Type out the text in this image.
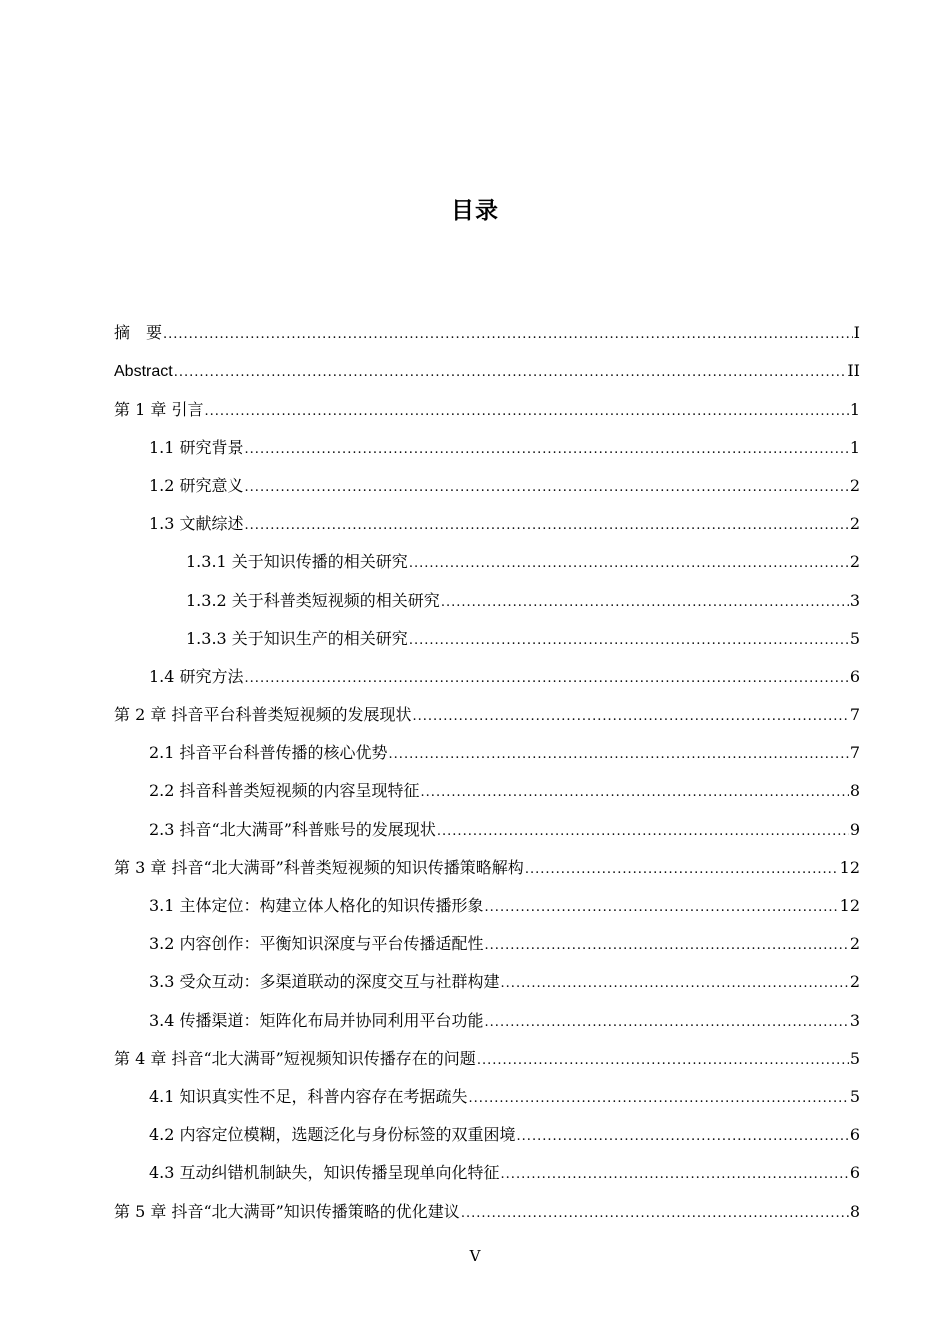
目录
摘　要 .....	I
Abstract .....	II
第 1 章 引言 .....	1
1.1 研究背景 .....	1
1.2 研究意义 .....	2
1.3 文献综述 .....	2
1.3.1 关于知识传播的相关研究 .....	2
1.3.2 关于科普类短视频的相关研究 .....	3
1.3.3 关于知识生产的相关研究 .....	5
1.4 研究方法 .....	6
第 2 章 抖音平台科普类短视频的发展现状 .....	7
2.1 抖音平台科普传播的核心优势 .....	7
2.2 抖音科普类短视频的内容呈现特征 .....	8
2.3 抖音“北大满哥”科普账号的发展现状 .....	9
第 3 章 抖音“北大满哥”科普类短视频的知识传播策略解构 .....	12
3.1 主体定位：构建立体人格化的知识传播形象 .....	12
3.2 内容创作：平衡知识深度与平台传播适配性 .....	2
3.3 受众互动：多渠道联动的深度交互与社群构建 .....	2
3.4 传播渠道：矩阵化布局并协同利用平台功能 .....	3
第 4 章 抖音“北大满哥”短视频知识传播存在的问题 .....	5
4.1 知识真实性不足，科普内容存在考据疏失 .....	5
4.2 内容定位模糊，选题泛化与身份标签的双重困境 .....	6
4.3 互动纠错机制缺失，知识传播呈现单向化特征 .....	6
第 5 章 抖音“北大满哥”知识传播策略的优化建议 .....	8
V
